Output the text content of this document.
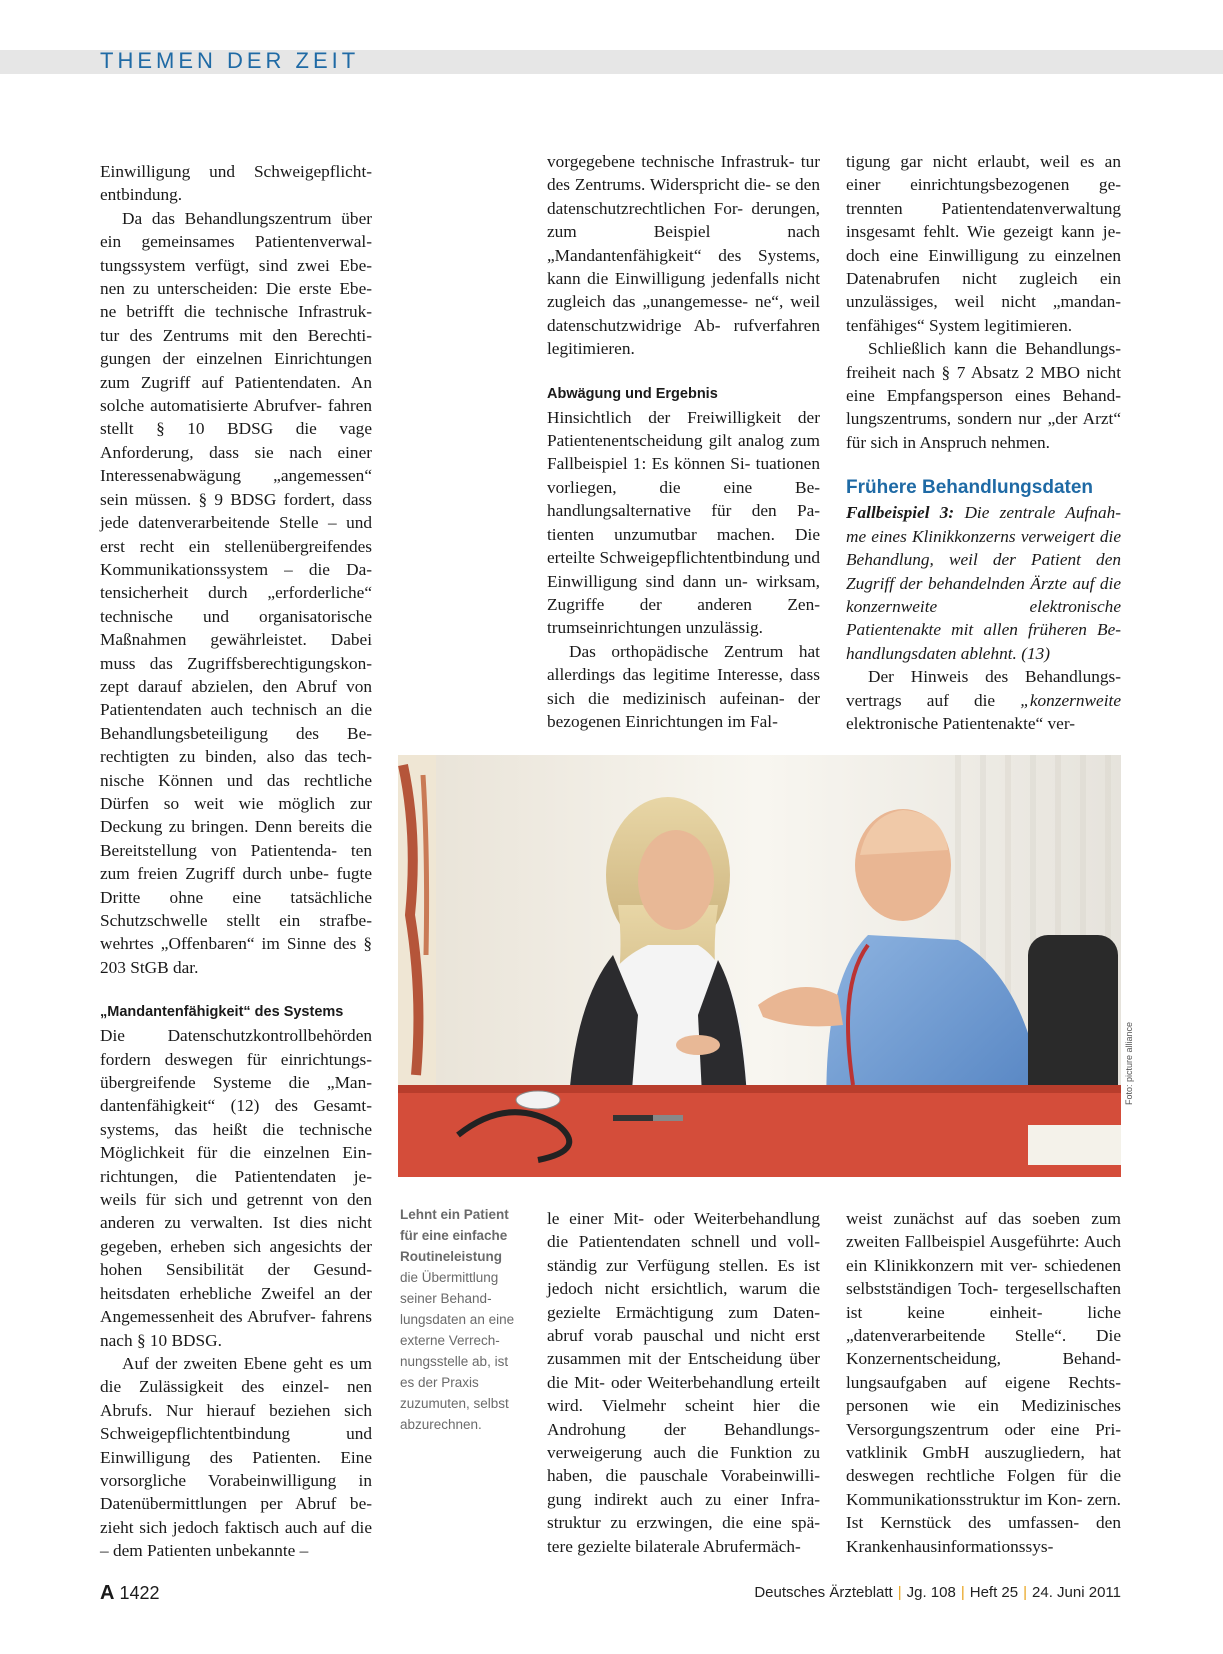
THEMEN DER ZEIT

Einwilligung und Schweigepflicht- entbindung.

Da das Behandlungszentrum über ein gemeinsames Patientenverwal- tungssystem verfügt, sind zwei Ebe- nen zu unterscheiden: Die erste Ebe- ne betrifft die technische Infrastruk- tur des Zentrums mit den Berechti- gungen der einzelnen Einrichtungen zum Zugriff auf Patientendaten. An solche automatisierte Abrufver- fahren stellt § 10 BDSG die vage Anforderung, dass sie nach einer Interessenabwägung „angemessen“ sein müssen. § 9 BDSG fordert, dass jede datenverarbeitende Stelle – und erst recht ein stellenübergreifendes Kommunikationssystem – die Da- tensicherheit durch „erforderliche“ technische und organisatorische Maßnahmen gewährleistet. Dabei muss das Zugriffsberechtigungskon- zept darauf abzielen, den Abruf von Patientendaten auch technisch an die Behandlungsbeteiligung des Be- rechtigten zu binden, also das tech- nische Können und das rechtliche Dürfen so weit wie möglich zur Deckung zu bringen. Denn bereits die Bereitstellung von Patientenda- ten zum freien Zugriff durch unbe- fugte Dritte ohne eine tatsächliche Schutzschwelle stellt ein strafbe- wehrtes „Offenbaren“ im Sinne des § 203 StGB dar.

„Mandantenfähigkeit“ des Systems

Die Datenschutzkontrollbehörden fordern deswegen für einrichtungs- übergreifende Systeme die „Man- dantenfähigkeit“ (12) des Gesamt- systems, das heißt die technische Möglichkeit für die einzelnen Ein- richtungen, die Patientendaten je- weils für sich und getrennt von den anderen zu verwalten. Ist dies nicht gegeben, erheben sich angesichts der hohen Sensibilität der Gesund- heitsdaten erhebliche Zweifel an der Angemessenheit des Abrufver- fahrens nach § 10 BDSG.

Auf der zweiten Ebene geht es um die Zulässigkeit des einzel- nen Abrufs. Nur hierauf beziehen sich Schweigepflichtentbindung und Einwilligung des Patienten. Eine vorsorgliche Vorabeinwilligung in Datenübermittlungen per Abruf be- zieht sich jedoch faktisch auch auf die – dem Patienten unbekannte –

vorgegebene technische Infrastruk- tur des Zentrums. Widerspricht die- se den datenschutzrechtlichen For- derungen, zum Beispiel nach „Mandantenfähigkeit“ des Systems, kann die Einwilligung jedenfalls nicht zugleich das „unangemesse- ne“, weil datenschutzwidrige Ab- rufverfahren legitimieren.

Abwägung und Ergebnis

Hinsichtlich der Freiwilligkeit der Patientenentscheidung gilt analog zum Fallbeispiel 1: Es können Si- tuationen vorliegen, die eine Be- handlungsalternative für den Pa- tienten unzumutbar machen. Die erteilte Schweigepflichtentbindung und Einwilligung sind dann un- wirksam, Zugriffe der anderen Zen- trumseinrichtungen unzulässig.

Das orthopädische Zentrum hat allerdings das legitime Interesse, dass sich die medizinisch aufeinan- der bezogenen Einrichtungen im Fal-

tigung gar nicht erlaubt, weil es an einer einrichtungsbezogenen ge- trennten Patientendatenverwaltung insgesamt fehlt. Wie gezeigt kann je- doch eine Einwilligung zu einzelnen Datenabrufen nicht zugleich ein unzulässiges, weil nicht „mandan- tenfähiges“ System legitimieren.

Schließlich kann die Behandlungs- freiheit nach § 7 Absatz 2 MBO nicht eine Empfangsperson eines Behand- lungszentrums, sondern nur „der Arzt“ für sich in Anspruch nehmen.

Frühere Behandlungsdaten

Fallbeispiel 3: Die zentrale Aufnah- me eines Klinikkonzerns verweigert die Behandlung, weil der Patient den Zugriff der behandelnden Ärzte auf die konzernweite elektronische Patientenakte mit allen früheren Be- handlungsdaten ablehnt. (13)

Der Hinweis des Behandlungs- vertrags auf die „konzernweite elektronische Patientenakte“ ver-

Foto: picture alliance
Lehnt ein Patient für eine einfache Routineleistung
die Übermittlung seiner Behand- lungsdaten an eine externe Verrech- nungsstelle ab, ist es der Praxis zuzumuten, selbst abzurechnen.

le einer Mit- oder Weiterbehandlung die Patientendaten schnell und voll- ständig zur Verfügung stellen. Es ist jedoch nicht ersichtlich, warum die gezielte Ermächtigung zum Daten- abruf vorab pauschal und nicht erst zusammen mit der Entscheidung über die Mit- oder Weiterbehandlung erteilt wird. Vielmehr scheint hier die Androhung der Behandlungs- verweigerung auch die Funktion zu haben, die pauschale Vorabeinwilli- gung indirekt auch zu einer Infra- struktur zu erzwingen, die eine spä- tere gezielte bilaterale Abrufermäch-

weist zunächst auf das soeben zum zweiten Fallbeispiel Ausgeführte: Auch ein Klinikkonzern mit ver- schiedenen selbstständigen Toch- tergesellschaften ist keine einheit- liche „datenverarbeitende Stelle“. Die Konzernentscheidung, Behand- lungsaufgaben auf eigene Rechts- personen wie ein Medizinisches Versorgungszentrum oder eine Pri- vatklinik GmbH auszugliedern, hat deswegen rechtliche Folgen für die Kommunikationsstruktur im Kon- zern. Ist Kernstück des umfassen- den Krankenhausinformationssys-

A 1422	Deutsches Ärzteblatt | Jg. 108 | Heft 25 | 24. Juni 2011
